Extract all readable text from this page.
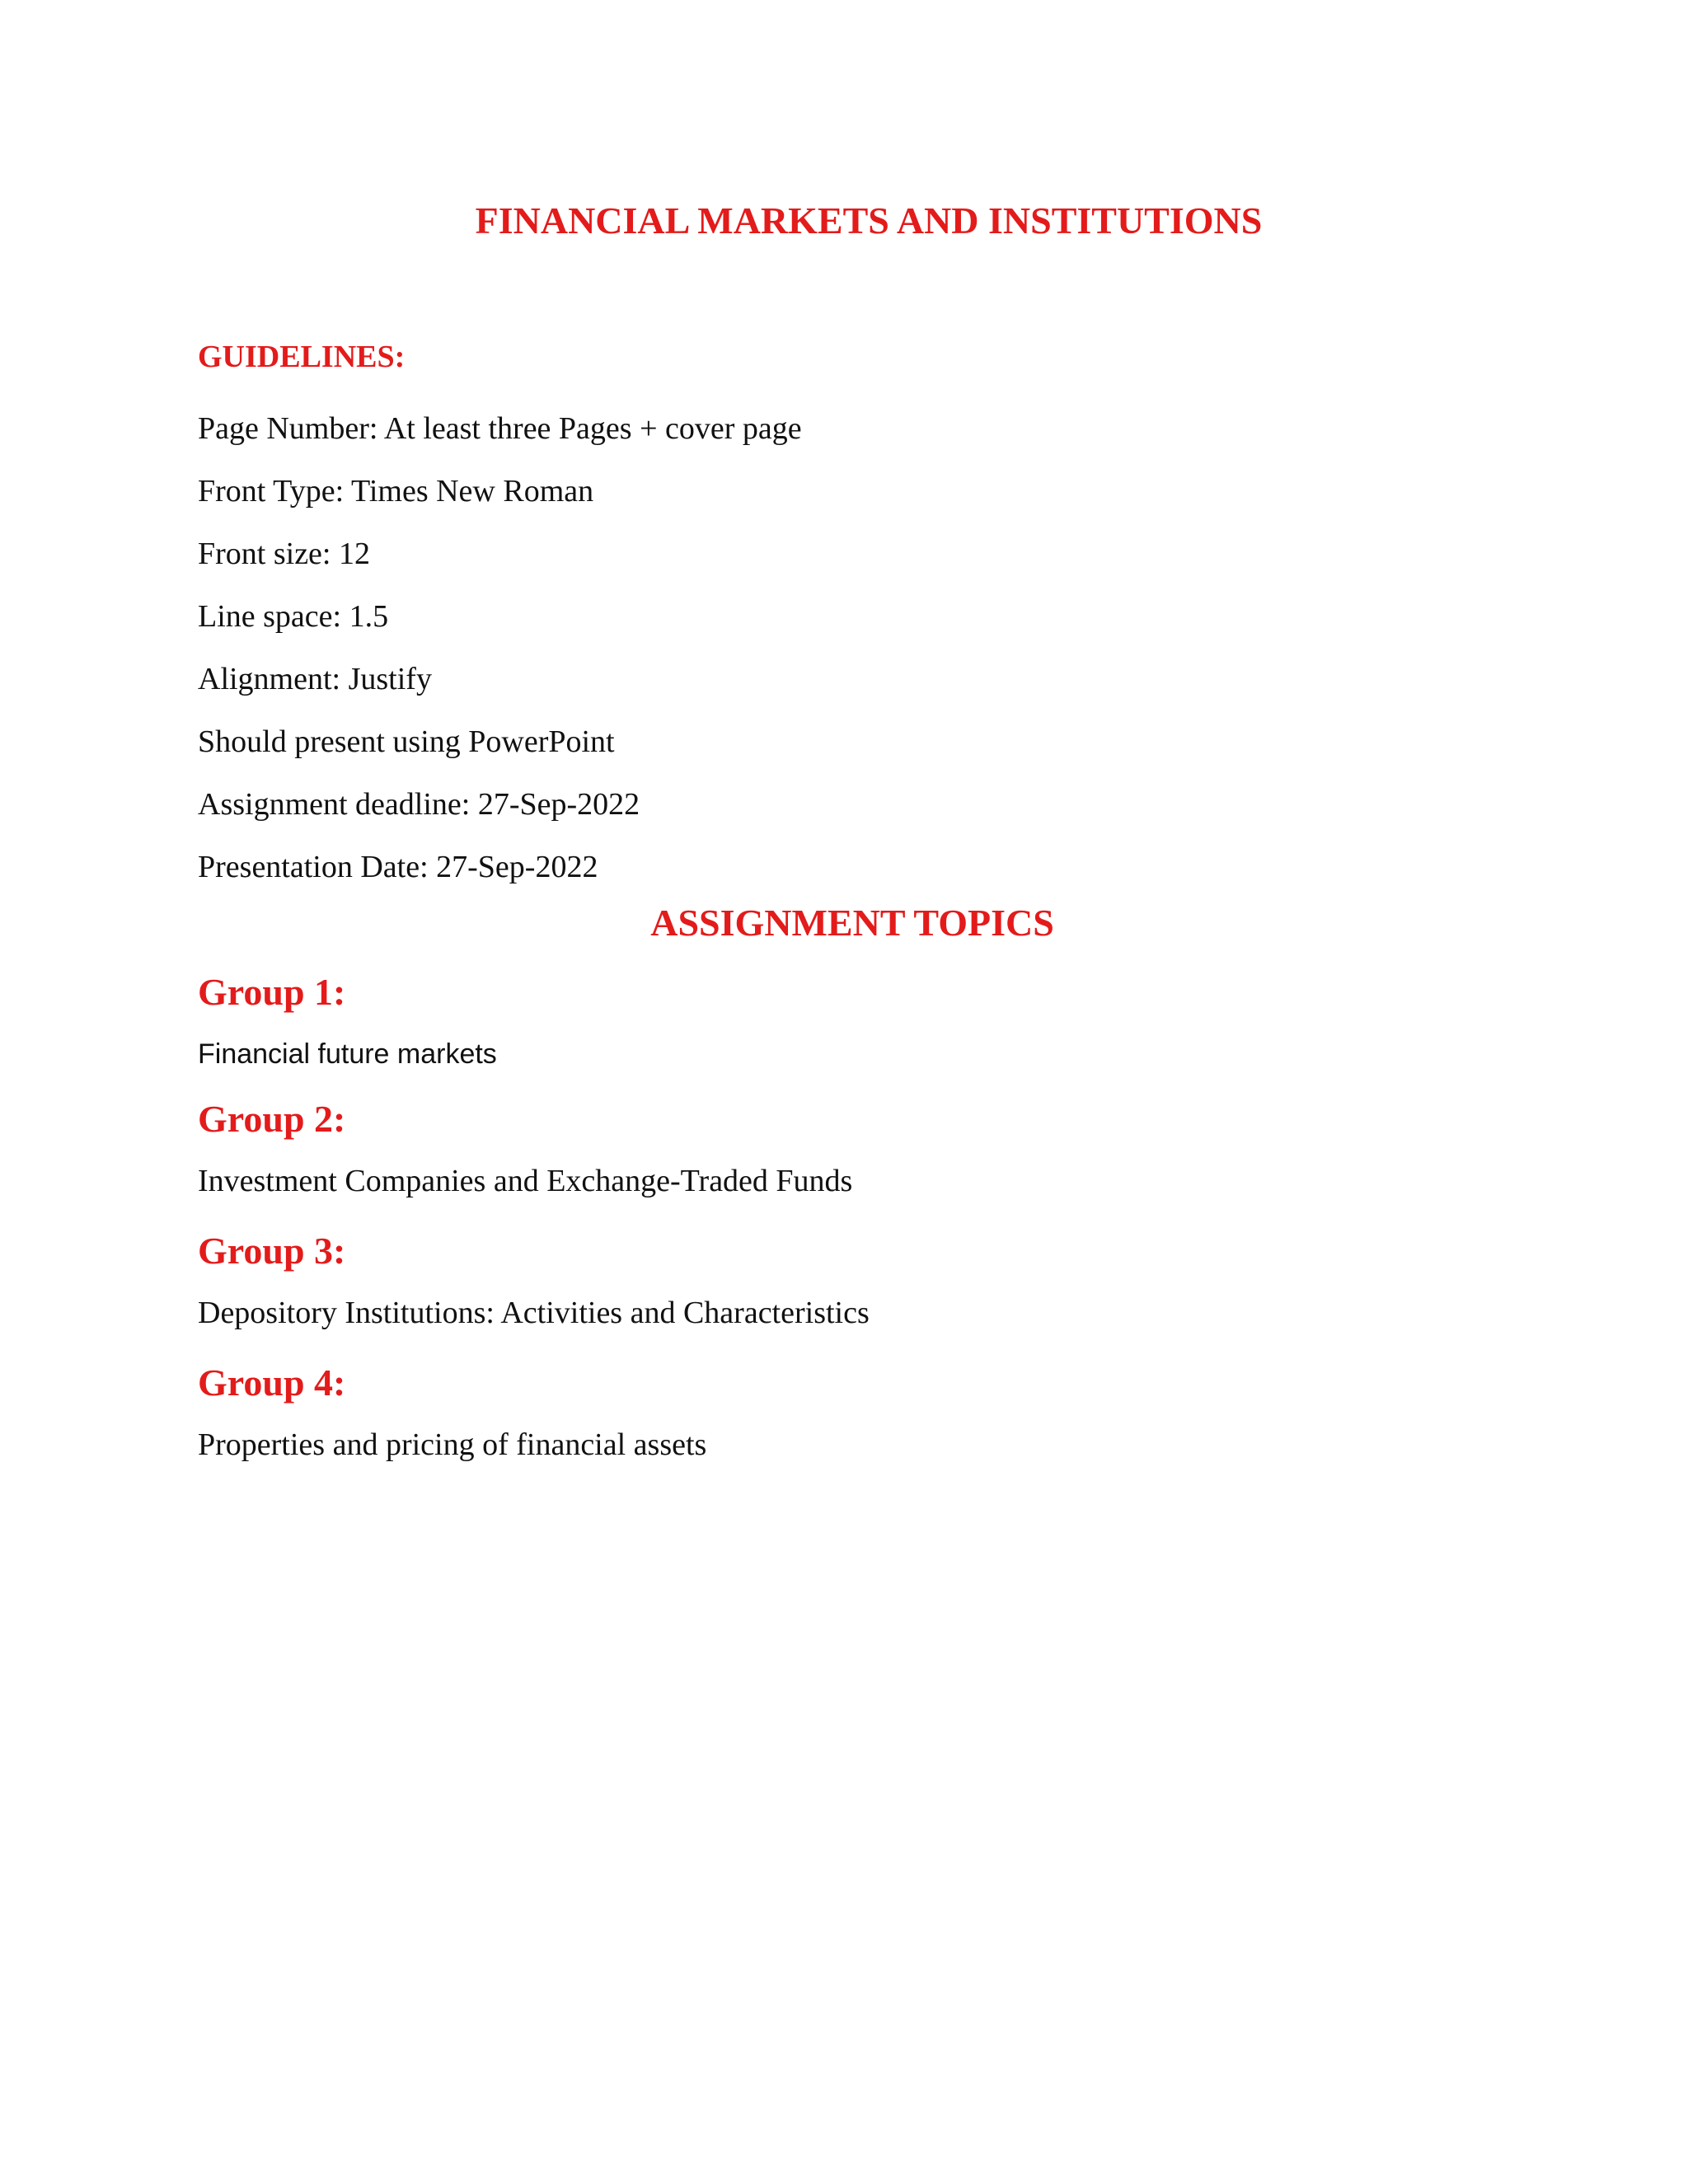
FINANCIAL MARKETS AND INSTITUTIONS
GUIDELINES:
Page Number: At least three Pages + cover page
Front Type: Times New Roman
Front size: 12
Line space: 1.5
Alignment: Justify
Should present using PowerPoint
Assignment deadline: 27-Sep-2022
Presentation Date: 27-Sep-2022
ASSIGNMENT TOPICS
Group 1:

Financial future markets

Group 2:

Investment Companies and Exchange-Traded Funds

Group 3:

Depository Institutions: Activities and Characteristics

Group 4:

Properties and pricing of financial assets
